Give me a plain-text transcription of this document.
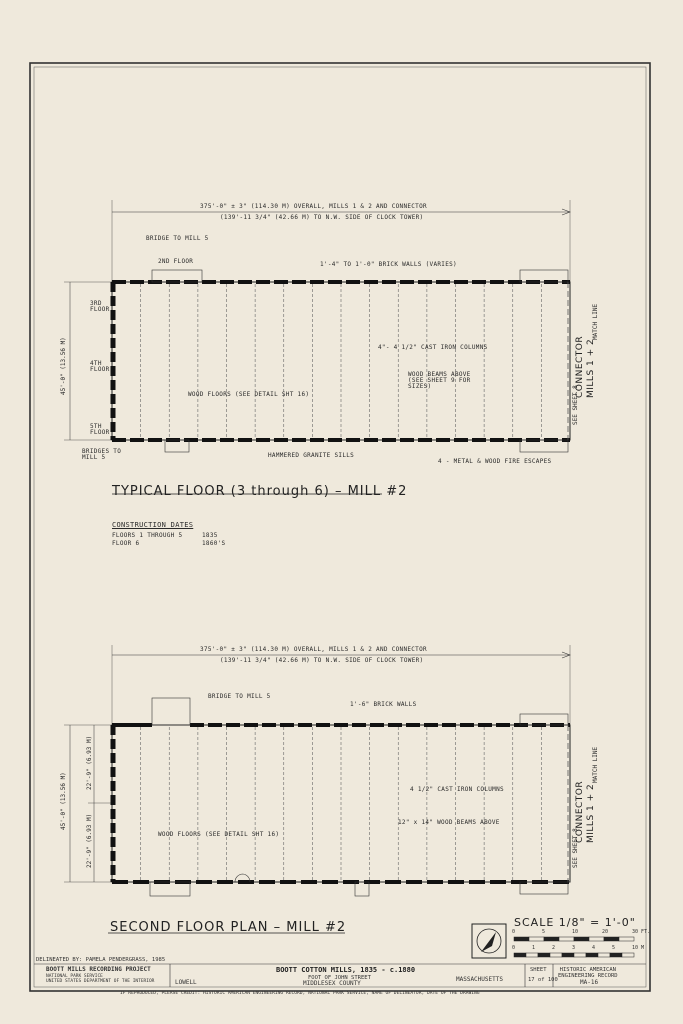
375'-0" ± 3" (114.30 M) OVERALL, MILLS 1 & 2 AND CONNECTOR
(139'-11 3/4" (42.66 M) TO N.W. SIDE OF CLOCK TOWER)
BRIDGE TO MILL 5
2ND FLOOR	1'-4" TO 1'-0" BRICK WALLS (VARIES)
3RD
FLOOR
4TH
FLOOR
5TH
FLOOR
45'-0" (13.56 M)	4"- 4 1/2" CAST IRON COLUMNS
WOOD BEAMS ABOVE
(SEE SHEET 9 FOR
SIZES)
WOOD FLOORS (SEE DETAIL SHT 16)
BRIDGES TO
MILL 5	HAMMERED GRANITE SILLS
4 - METAL & WOOD FIRE ESCAPES
MATCH LINE
SEE SHEET 8
CONNECTOR
MILLS 1 + 2
TYPICAL FLOOR (3 through 6) – MILL #2
CONSTRUCTION DATES
FLOORS 1 THROUGH 5	1835
FLOOR 6	1860'S
375'-0" ± 3" (114.30 M) OVERALL, MILLS 1 & 2 AND CONNECTOR
(139'-11 3/4" (42.66 M) TO N.W. SIDE OF CLOCK TOWER)
BRIDGE TO MILL 5
1'-6" BRICK WALLS
45'-0" (13.56 M)
22'-9" (6.93 M)
22'-9" (6.93 M)
4 1/2" CAST IRON COLUMNS
12" x 14" WOOD BEAMS ABOVE
WOOD FLOORS (SEE DETAIL SHT 16)
MATCH LINE
SEE SHEET 8
CONNECTOR
MILLS 1 + 2
SECOND FLOOR PLAN – MILL #2	SCALE 1/8" = 1'-0"
0	5	10	20	30 FT.
0	1	2	3	4	5	10 M
DELINEATED BY: PAMELA PENDERGRASS, 1985
BOOTT MILLS RECORDING PROJECT
NATIONAL PARK SERVICE
UNITED STATES DEPARTMENT OF THE INTERIOR
BOOTT COTTON MILLS, 1835 - c.1880
FOOT OF JOHN STREET
LOWELL	MIDDLESEX COUNTY
MASSACHUSETTS
SHEET
17 of 100
HISTORIC AMERICAN
ENGINEERING RECORD
MA-16
IF REPRODUCED, PLEASE CREDIT: HISTORIC AMERICAN ENGINEERING RECORD, NATIONAL PARK SERVICE, NAME OF DELINEATOR, DATE OF THE DRAWING
